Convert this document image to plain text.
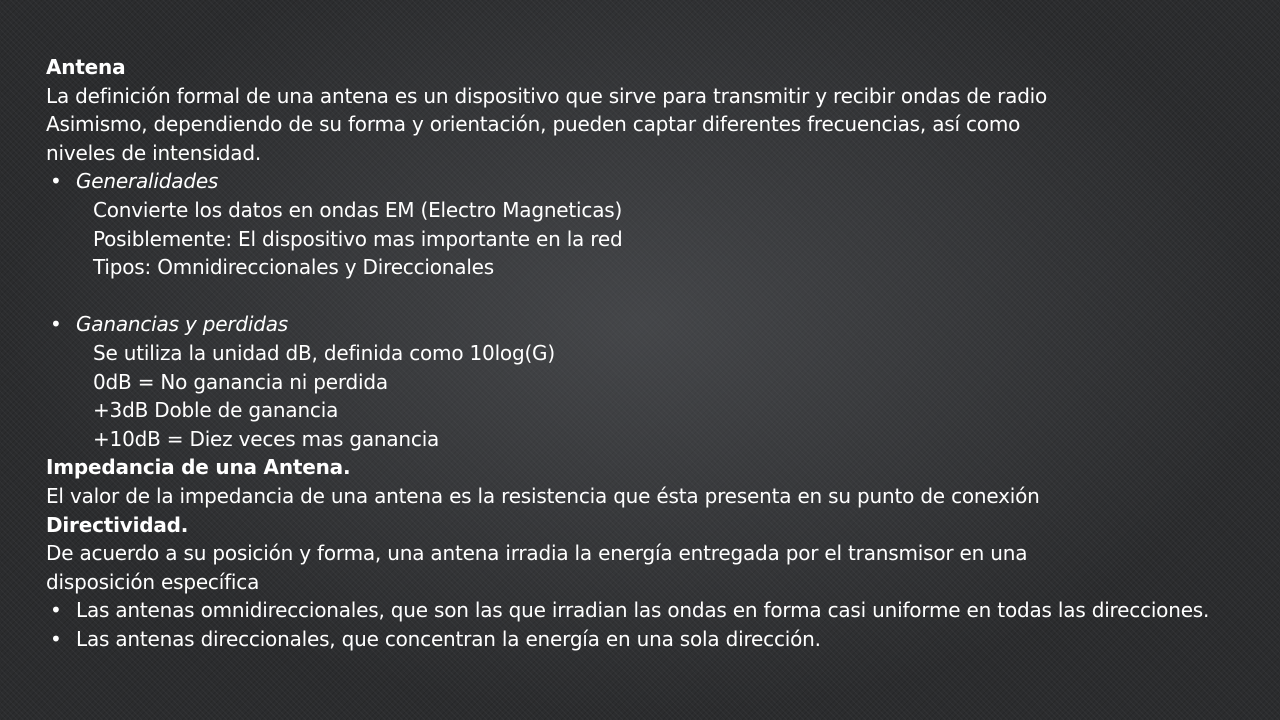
Antena
La definición formal de una antena es un dispositivo que sirve para transmitir y recibir ondas de radio
Asimismo, dependiendo de su forma y orientación, pueden captar diferentes frecuencias, así como
niveles de intensidad.
• Generalidades
Convierte los datos en ondas EM (Electro Magneticas)
Posiblemente: El dispositivo mas importante en la red
Tipos: Omnidireccionales y Direccionales
• Ganancias y perdidas
Se utiliza la unidad dB, definida como 10log(G)
0dB = No ganancia ni perdida
+3dB Doble de ganancia
+10dB = Diez veces mas ganancia
Impedancia de una Antena.
El valor de la impedancia de una antena es la resistencia que ésta presenta en su punto de conexión
Directividad.
De acuerdo a su posición y forma, una antena irradia la energía entregada por el transmisor en una
disposición específica
• Las antenas omnidireccionales, que son las que irradian las ondas en forma casi uniforme en todas las direcciones.
• Las antenas direccionales, que concentran la energía en una sola dirección.
